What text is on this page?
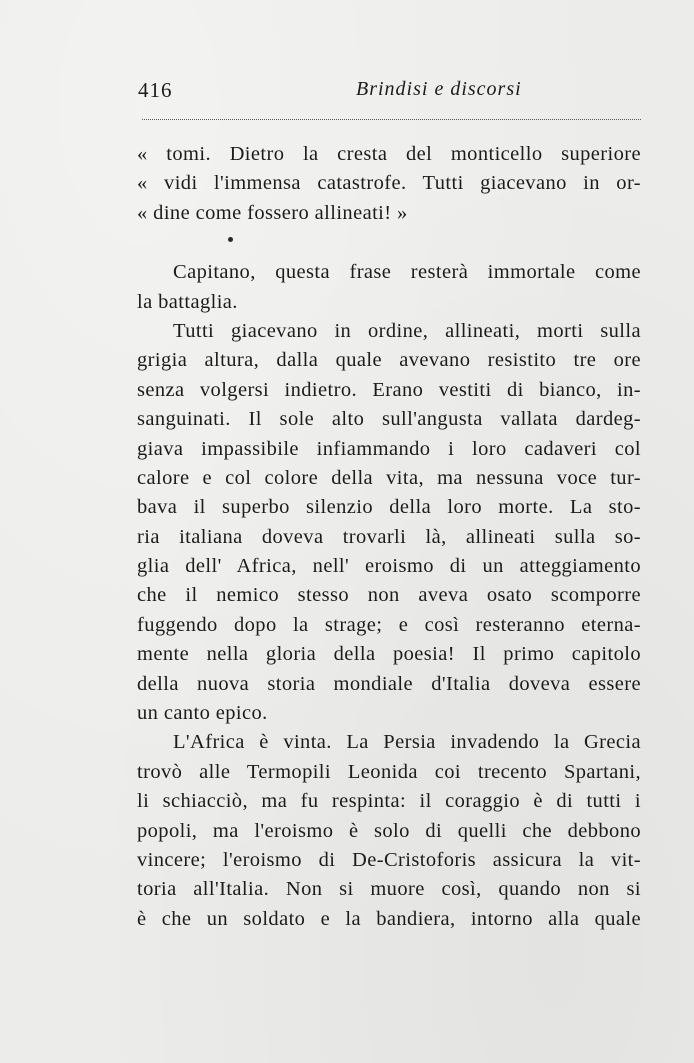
416	Brindisi e discorsi
« tomi. Dietro la cresta del monticello superiore
« vidi l'immensa catastrofe. Tutti giacevano in or-
« dine come fossero allineati! »
Capitano, questa frase resterà immortale come
la battaglia.
Tutti giacevano in ordine, allineati, morti sulla
grigia altura, dalla quale avevano resistito tre ore
senza volgersi indietro. Erano vestiti di bianco, in-
sanguinati. Il sole alto sull'angusta vallata dardeg-
giava impassibile infiammando i loro cadaveri col
calore e col colore della vita, ma nessuna voce tur-
bava il superbo silenzio della loro morte. La sto-
ria italiana doveva trovarli là, allineati sulla so-
glia dell' Africa, nell' eroismo di un atteggiamento
che il nemico stesso non aveva osato scomporre
fuggendo dopo la strage; e così resteranno eterna-
mente nella gloria della poesia! Il primo capitolo
della nuova storia mondiale d'Italia doveva essere
un canto epico.
L'Africa è vinta. La Persia invadendo la Grecia
trovò alle Termopili Leonida coi trecento Spartani,
li schiacciò, ma fu respinta: il coraggio è di tutti i
popoli, ma l'eroismo è solo di quelli che debbono
vincere; l'eroismo di De-Cristoforis assicura la vit-
toria all'Italia. Non si muore così, quando non si
è che un soldato e la bandiera, intorno alla quale
